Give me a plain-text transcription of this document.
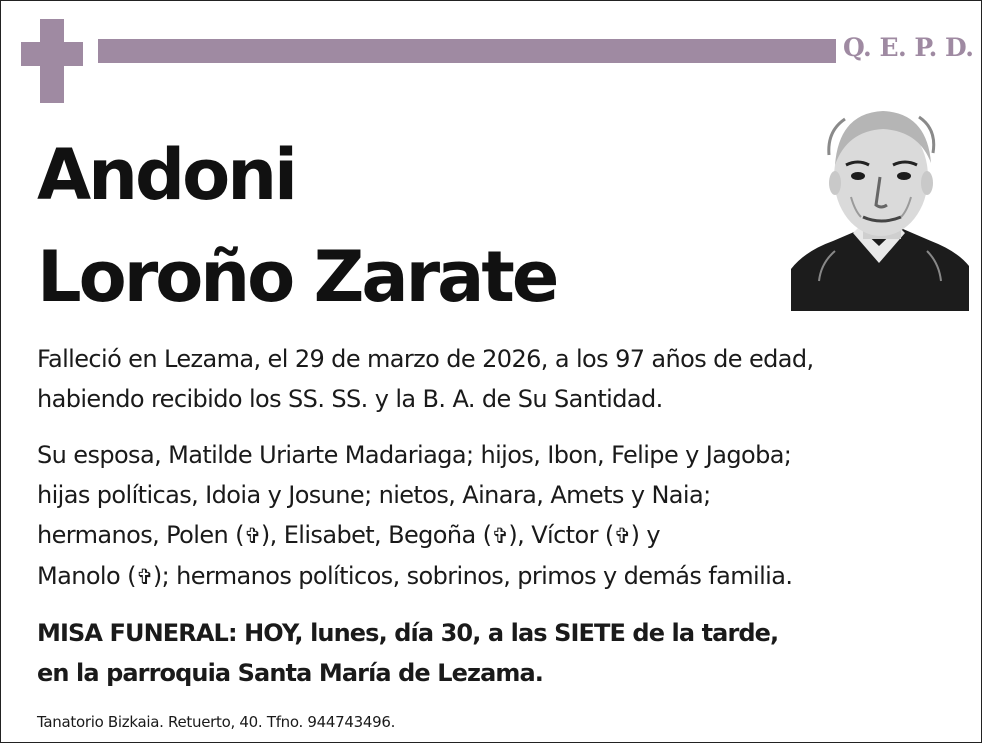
Q. E. P. D.
Andoni
Loroño Zarate
Falleció en Lezama, el 29 de marzo de 2026, a los 97 años de edad,
habiendo recibido los SS. SS. y la B. A. de Su Santidad.
Su esposa, Matilde Uriarte Madariaga; hijos, Ibon, Felipe y Jagoba;
hijas políticas, Idoia y Josune; nietos, Ainara, Amets y Naia;
hermanos, Polen (✞), Elisabet, Begoña (✞), Víctor (✞) y
Manolo (✞); hermanos políticos, sobrinos, primos y demás familia.
MISA FUNERAL: HOY, lunes, día 30, a las SIETE de la tarde,
en la parroquia Santa María de Lezama.
Tanatorio Bizkaia. Retuerto, 40. Tfno. 944743496.
